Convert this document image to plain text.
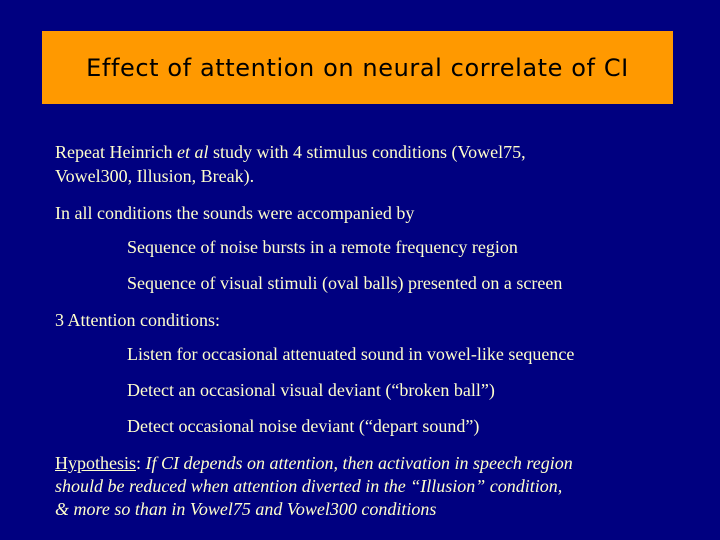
Effect of attention on neural correlate of CI
Repeat Heinrich et al study with 4 stimulus conditions (Vowel75,
Vowel300, Illusion, Break).
In all conditions the sounds were accompanied by
Sequence of noise bursts in a remote frequency region
Sequence of visual stimuli (oval balls) presented on a screen
3 Attention conditions:
Listen for occasional attenuated sound in vowel-like sequence
Detect an occasional visual deviant (“broken ball”)
Detect occasional noise deviant (“depart sound”)
Hypothesis: If CI depends on attention, then activation in speech region
should be reduced when attention diverted in the “Illusion” condition,
& more so than in Vowel75 and Vowel300 conditions
